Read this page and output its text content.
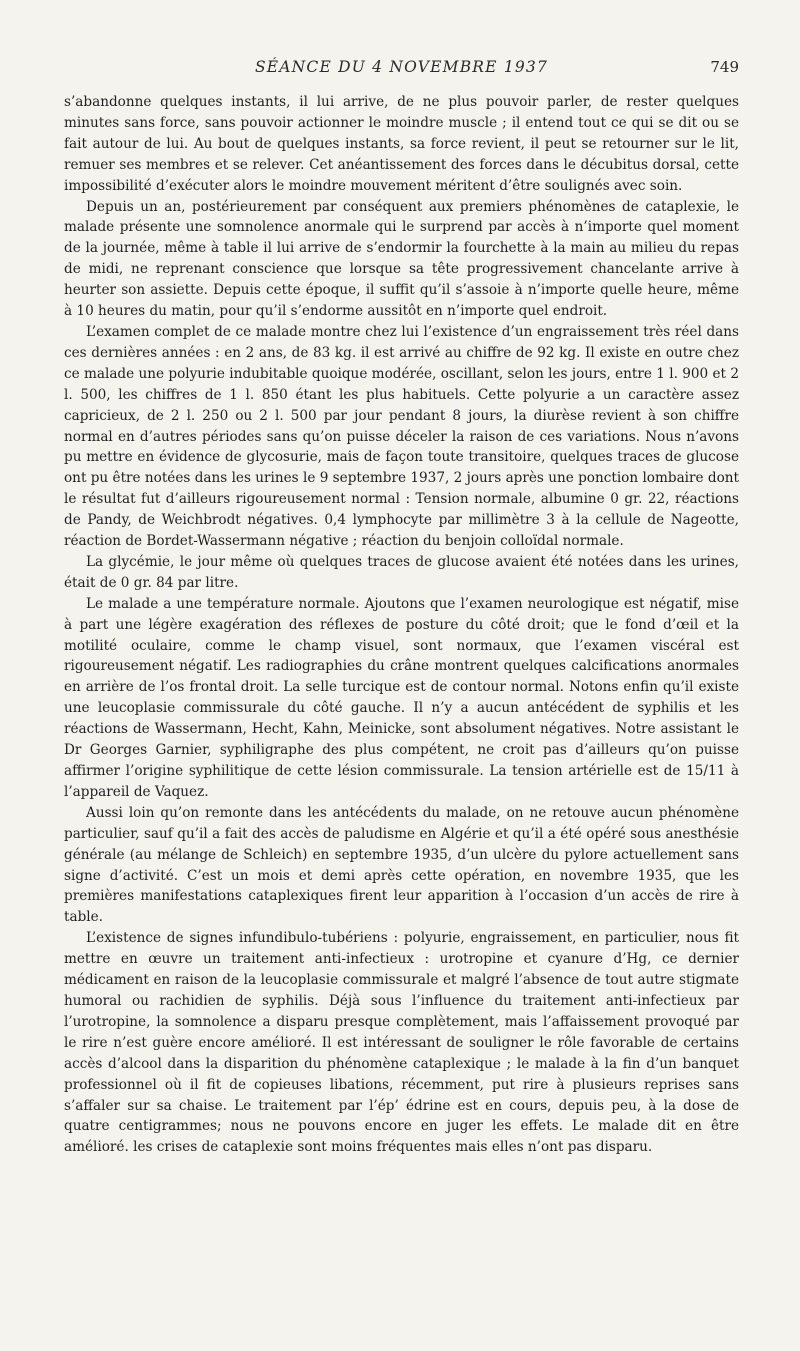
SÉANCE DU 4 NOVEMBRE 1937	749

s’abandonne quelques instants, il lui arrive, de ne plus pouvoir parler, de rester quelques minutes sans force, sans pouvoir actionner le moindre muscle ; il entend tout ce qui se dit ou se fait autour de lui. Au bout de quelques instants, sa force revient, il peut se retourner sur le lit, remuer ses membres et se relever. Cet anéantissement des forces dans le décubitus dorsal, cette impossibilité d’exécuter alors le moindre mouvement méritent d’être soulignés avec soin.

Depuis un an, postérieurement par conséquent aux premiers phénomènes de cataplexie, le malade présente une somnolence anormale qui le surprend par accès à n’importe quel moment de la journée, même à table il lui arrive de s’endormir la fourchette à la main au milieu du repas de midi, ne reprenant conscience que lorsque sa tête progressivement chancelante arrive à heurter son assiette. Depuis cette époque, il suffit qu’il s’assoie à n’importe quelle heure, même à 10 heures du matin, pour qu’il s’endorme aussitôt en n’importe quel endroit.

L’examen complet de ce malade montre chez lui l’existence d’un engraissement très réel dans ces dernières années : en 2 ans, de 83 kg. il est arrivé au chiffre de 92 kg. Il existe en outre chez ce malade une polyurie indubitable quoique modérée, oscillant, selon les jours, entre 1 l. 900 et 2 l. 500, les chiffres de 1 l. 850 étant les plus habituels. Cette polyurie a un caractère assez capricieux, de 2 l. 250 ou 2 l. 500 par jour pendant 8 jours, la diurèse revient à son chiffre normal en d’autres périodes sans qu’on puisse déceler la raison de ces variations. Nous n’avons pu mettre en évidence de glycosurie, mais de façon toute transitoire, quelques traces de glucose ont pu être notées dans les urines le 9 septembre 1937, 2 jours après une ponction lombaire dont le résultat fut d’ailleurs rigoureusement normal : Tension normale, albumine 0 gr. 22, réactions de Pandy, de Weichbrodt négatives. 0,4 lymphocyte par millimètre 3 à la cellule de Nageotte, réaction de Bordet-Wassermann négative ; réaction du benjoin colloïdal normale.

La glycémie, le jour même où quelques traces de glucose avaient été notées dans les urines, était de 0 gr. 84 par litre.

Le malade a une température normale. Ajoutons que l’examen neurologique est négatif, mise à part une légère exagération des réflexes de posture du côté droit; que le fond d’œil et la motilité oculaire, comme le champ visuel, sont normaux, que l’examen viscéral est rigoureusement négatif. Les radiographies du crâne montrent quelques calcifications anormales en arrière de l’os frontal droit. La selle turcique est de contour normal. Notons enfin qu’il existe une leucoplasie commissurale du côté gauche. Il n’y a aucun antécédent de syphilis et les réactions de Wassermann, Hecht, Kahn, Meinicke, sont absolument négatives. Notre assistant le Dr Georges Garnier, syphiligraphe des plus compétent, ne croit pas d’ailleurs qu’on puisse affirmer l’origine syphilitique de cette lésion commissurale. La tension artérielle est de 15/11 à l’appareil de Vaquez.

Aussi loin qu’on remonte dans les antécédents du malade, on ne retouve aucun phénomène particulier, sauf qu’il a fait des accès de paludisme en Algérie et qu’il a été opéré sous anesthésie générale (au mélange de Schleich) en septembre 1935, d’un ulcère du pylore actuellement sans signe d’activité. C’est un mois et demi après cette opération, en novembre 1935, que les premières manifestations cataplexiques firent leur apparition à l’occasion d’un accès de rire à table.

L’existence de signes infundibulo-tubériens : polyurie, engraissement, en particulier, nous fit mettre en œuvre un traitement anti-infectieux : urotropine et cyanure d’Hg, ce dernier médicament en raison de la leucoplasie commissurale et malgré l’absence de tout autre stigmate humoral ou rachidien de syphilis. Déjà sous l’influence du traitement anti-infectieux par l’urotropine, la somnolence a disparu presque complètement, mais l’affaissement provoqué par le rire n’est guère encore amélioré. Il est intéressant de souligner le rôle favorable de certains accès d’alcool dans la disparition du phénomène cataplexique ; le malade à la fin d’un banquet professionnel où il fit de copieuses libations, récemment, put rire à plusieurs reprises sans s’affaler sur sa chaise. Le traitement par l’ép’ édrine est en cours, depuis peu, à la dose de quatre centigrammes; nous ne pouvons encore en juger les effets. Le malade dit en être amélioré. les crises de cataplexie sont moins fréquentes mais elles n’ont pas disparu.
